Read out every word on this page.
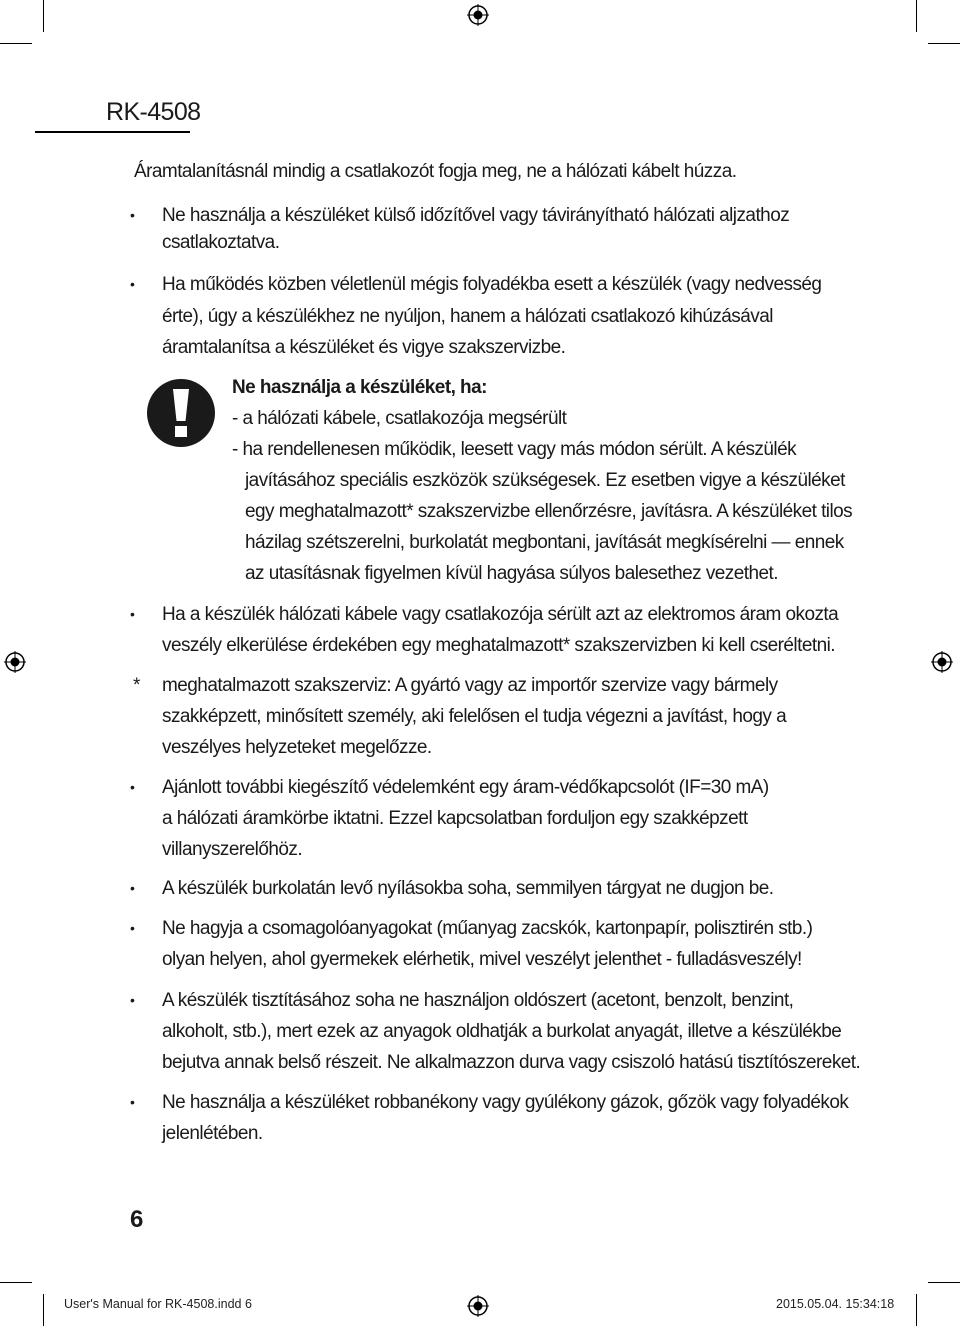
RK-4508
Áramtalanításnál mindig a csatlakozót fogja meg, ne a hálózati kábelt húzza.
• Ne használja a készüléket külső időzítővel vagy távirányítható hálózati aljzathoz
csatlakoztatva.
• Ha működés közben véletlenül mégis folyadékba esett a készülék (vagy nedvesség
érte), úgy a készülékhez ne nyúljon, hanem a hálózati csatlakozó kihúzásával
áramtalanítsa a készüléket és vigye szakszervizbe.
Ne használja a készüléket, ha:
- a hálózati kábele, csatlakozója megsérült
- ha rendellenesen működik, leesett vagy más módon sérült. A készülék
javításához speciális eszközök szükségesek. Ez esetben vigye a készüléket
egy meghatalmazott* szakszervizbe ellenőrzésre, javításra. A készüléket tilos
házilag szétszerelni, burkolatát megbontani, javítását megkísérelni — ennek
az utasításnak figyelmen kívül hagyása súlyos balesethez vezethet.
• Ha a készülék hálózati kábele vagy csatlakozója sérült azt az elektromos áram okozta
veszély elkerülése érdekében egy meghatalmazott* szakszervizben ki kell cseréltetni.
* meghatalmazott szakszerviz: A gyártó vagy az importőr szervize vagy bármely
szakképzett, minősített személy, aki felelősen el tudja végezni a javítást, hogy a
veszélyes helyzeteket megelőzze.
• Ajánlott további kiegészítő védelemként egy áram-védőkapcsolót (IF=30 mA)
a hálózati áramkörbe iktatni. Ezzel kapcsolatban forduljon egy szakképzett
villanyszerelőhöz.
• A készülék burkolatán levő nyílásokba soha, semmilyen tárgyat ne dugjon be.
• Ne hagyja a csomagolóanyagokat (műanyag zacskók, kartonpapír, polisztirén stb.)
olyan helyen, ahol gyermekek elérhetik, mivel veszélyt jelenthet - fulladásveszély!
• A készülék tisztításához soha ne használjon oldószert (acetont, benzolt, benzint,
alkoholt, stb.), mert ezek az anyagok oldhatják a burkolat anyagát, illetve a készülékbe
bejutva annak belső részeit. Ne alkalmazzon durva vagy csiszoló hatású tisztítószereket.
• Ne használja a készüléket robbanékony vagy gyúlékony gázok, gőzök vagy folyadékok
jelenlétében.
6
User's Manual for RK-4508.indd 6	2015.05.04. 15:34:18
